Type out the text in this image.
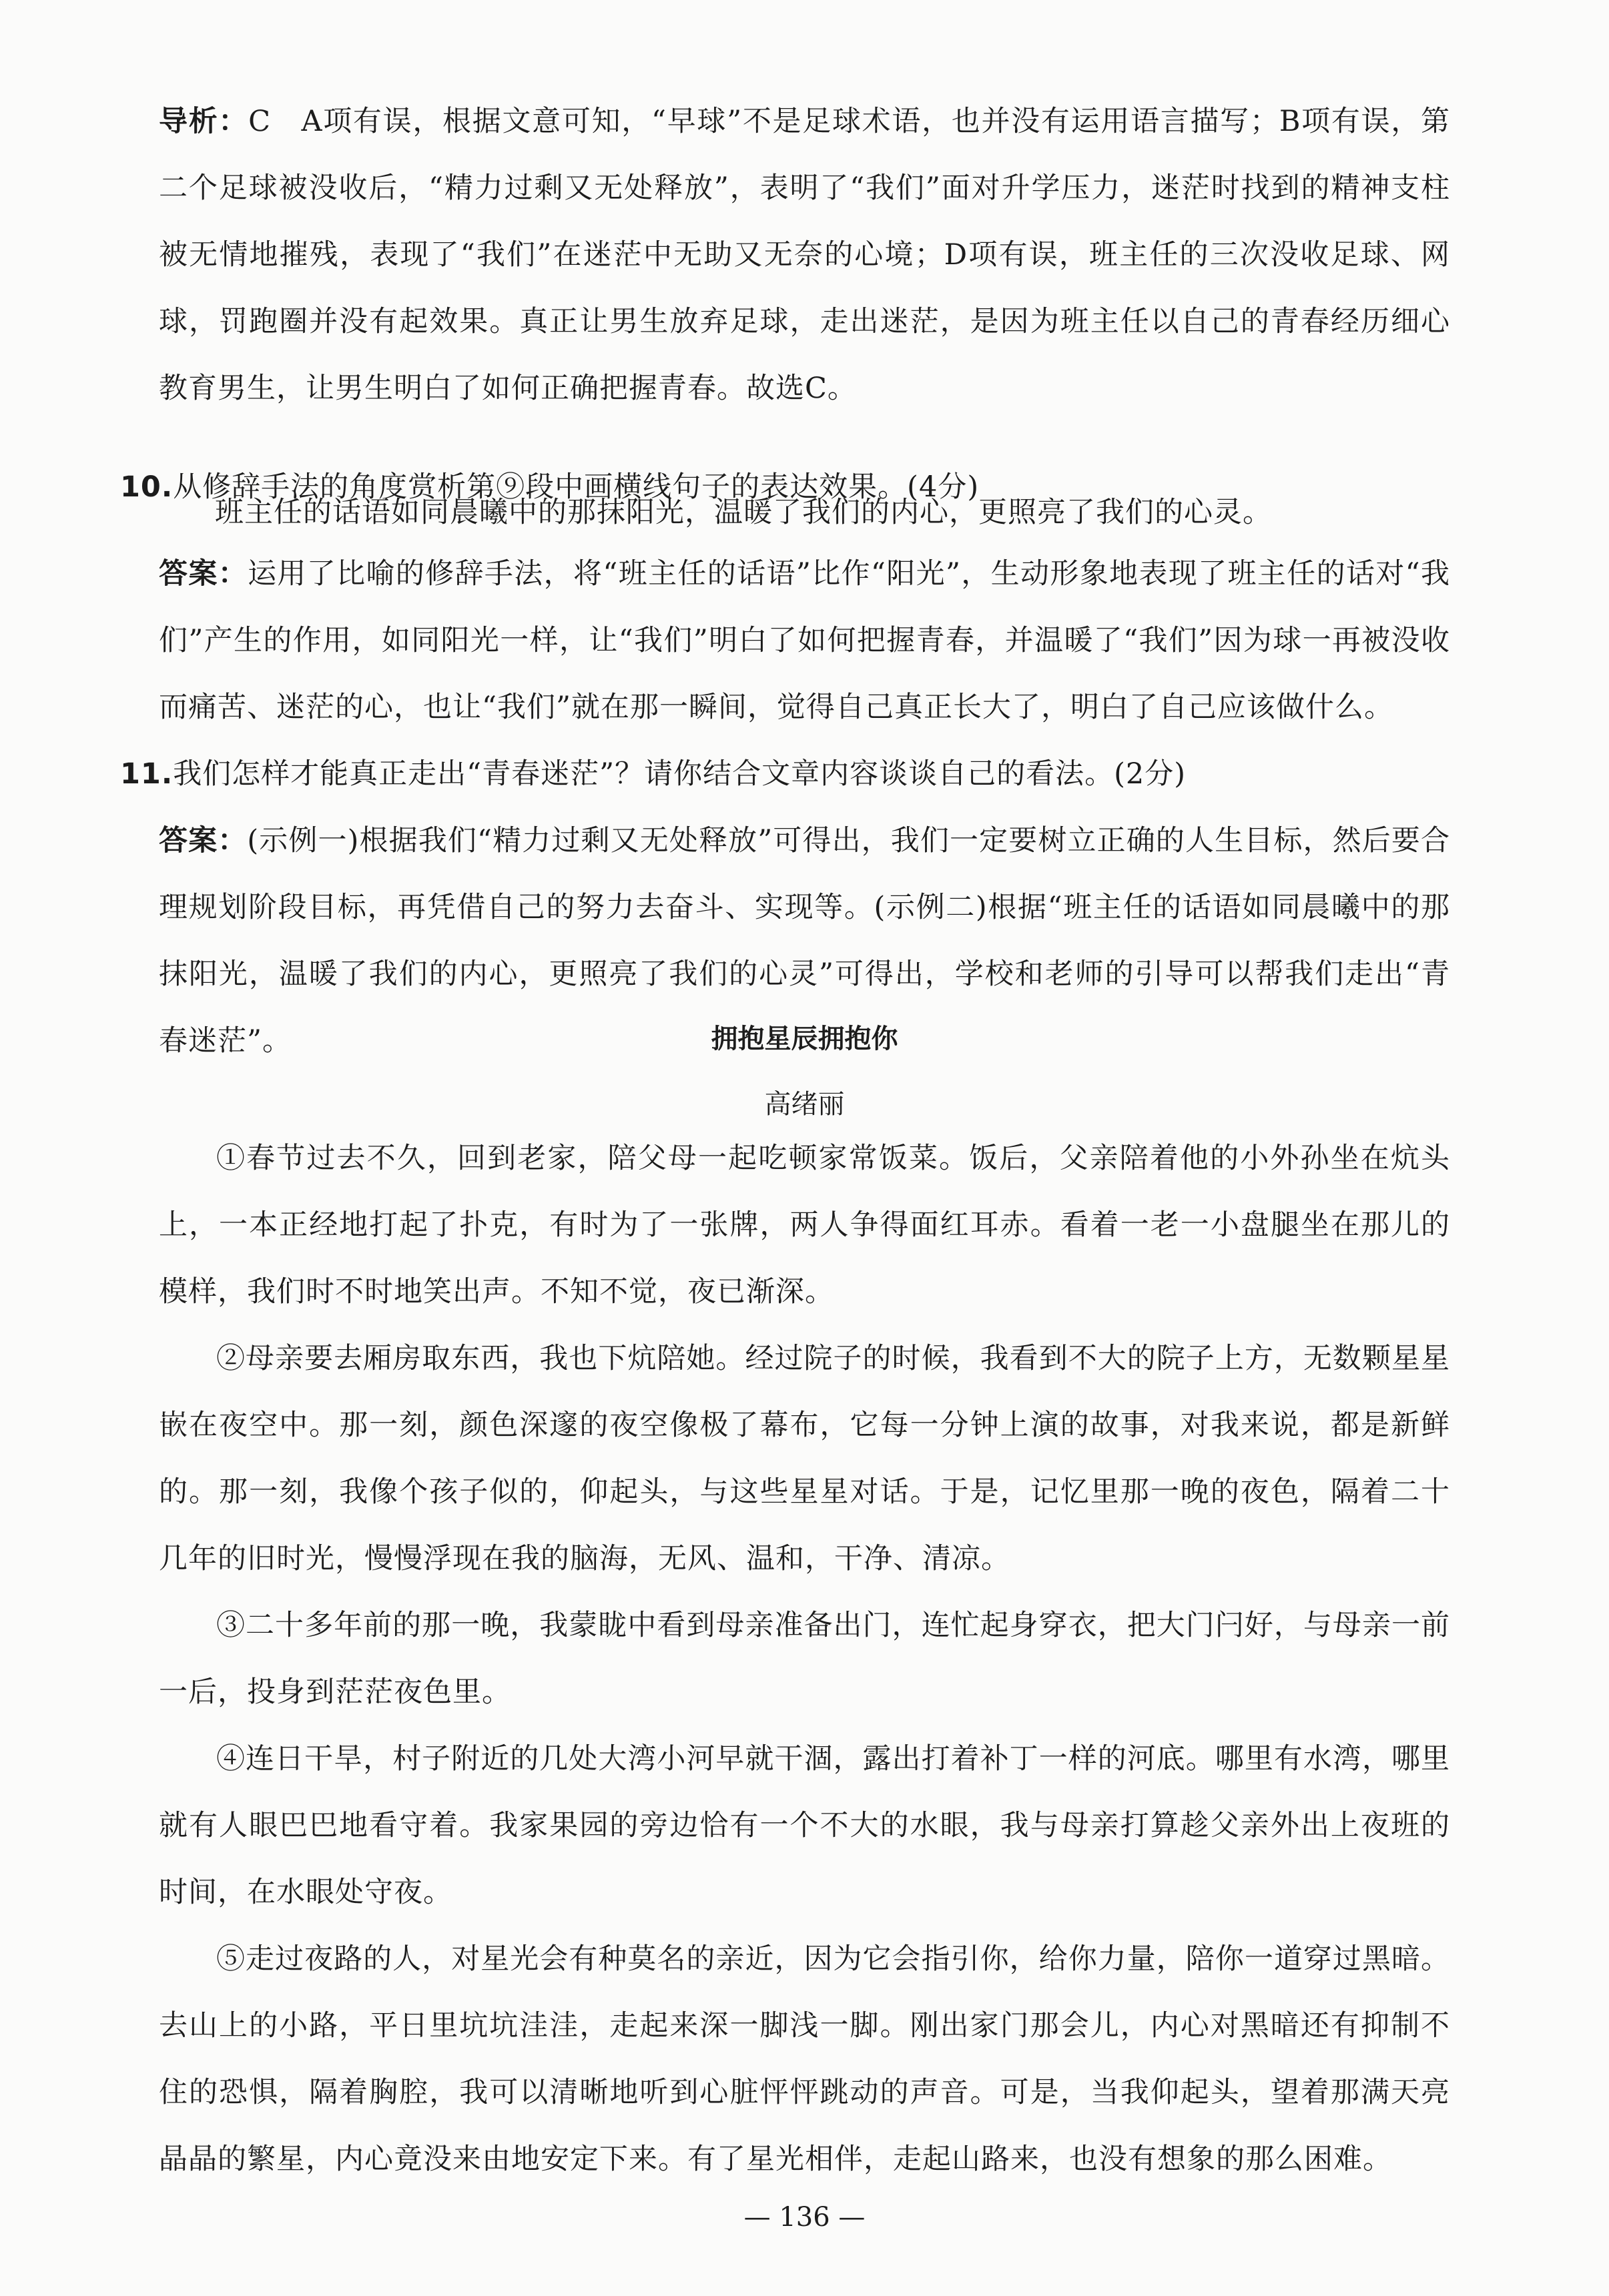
导析：C　A项有误，根据文意可知，“早球”不是足球术语，也并没有运用语言描写；B项有误，第二个足球被没收后，“精力过剩又无处释放”，表明了“我们”面对升学压力，迷茫时找到的精神支柱被无情地摧残，表现了“我们”在迷茫中无助又无奈的心境；D项有误，班主任的三次没收足球、网球，罚跑圈并没有起效果。真正让男生放弃足球，走出迷茫，是因为班主任以自己的青春经历细心教育男生，让男生明白了如何正确把握青春。故选C。

10.从修辞手法的角度赏析第⑨段中画横线句子的表达效果。(4分)

班主任的话语如同晨曦中的那抹阳光，温暖了我们的内心，更照亮了我们的心灵。

答案：运用了比喻的修辞手法，将“班主任的话语”比作“阳光”，生动形象地表现了班主任的话对“我们”产生的作用，如同阳光一样，让“我们”明白了如何把握青春，并温暖了“我们”因为球一再被没收而痛苦、迷茫的心，也让“我们”就在那一瞬间，觉得自己真正长大了，明白了自己应该做什么。

11.我们怎样才能真正走出“青春迷茫”？请你结合文章内容谈谈自己的看法。(2分)

答案：(示例一)根据我们“精力过剩又无处释放”可得出，我们一定要树立正确的人生目标，然后要合理规划阶段目标，再凭借自己的努力去奋斗、实现等。(示例二)根据“班主任的话语如同晨曦中的那抹阳光，温暖了我们的内心，更照亮了我们的心灵”可得出，学校和老师的引导可以帮我们走出“青春迷茫”。	拥抱星辰拥抱你

高绪丽

①春节过去不久，回到老家，陪父母一起吃顿家常饭菜。饭后，父亲陪着他的小外孙坐在炕头上，一本正经地打起了扑克，有时为了一张牌，两人争得面红耳赤。看着一老一小盘腿坐在那儿的模样，我们时不时地笑出声。不知不觉，夜已渐深。

②母亲要去厢房取东西，我也下炕陪她。经过院子的时候，我看到不大的院子上方，无数颗星星嵌在夜空中。那一刻，颜色深邃的夜空像极了幕布，它每一分钟上演的故事，对我来说，都是新鲜的。那一刻，我像个孩子似的，仰起头，与这些星星对话。于是，记忆里那一晚的夜色，隔着二十几年的旧时光，慢慢浮现在我的脑海，无风、温和，干净、清凉。

③二十多年前的那一晚，我蒙眬中看到母亲准备出门，连忙起身穿衣，把大门闩好，与母亲一前一后，投身到茫茫夜色里。

④连日干旱，村子附近的几处大湾小河早就干涸，露出打着补丁一样的河底。哪里有水湾，哪里就有人眼巴巴地看守着。我家果园的旁边恰有一个不大的水眼，我与母亲打算趁父亲外出上夜班的时间，在水眼处守夜。

⑤走过夜路的人，对星光会有种莫名的亲近，因为它会指引你，给你力量，陪你一道穿过黑暗。去山上的小路，平日里坑坑洼洼，走起来深一脚浅一脚。刚出家门那会儿，内心对黑暗还有抑制不住的恐惧，隔着胸腔，我可以清晰地听到心脏怦怦跳动的声音。可是，当我仰起头，望着那满天亮晶晶的繁星，内心竟没来由地安定下来。有了星光相伴，走起山路来，也没有想象的那么困难。

— 136 —
